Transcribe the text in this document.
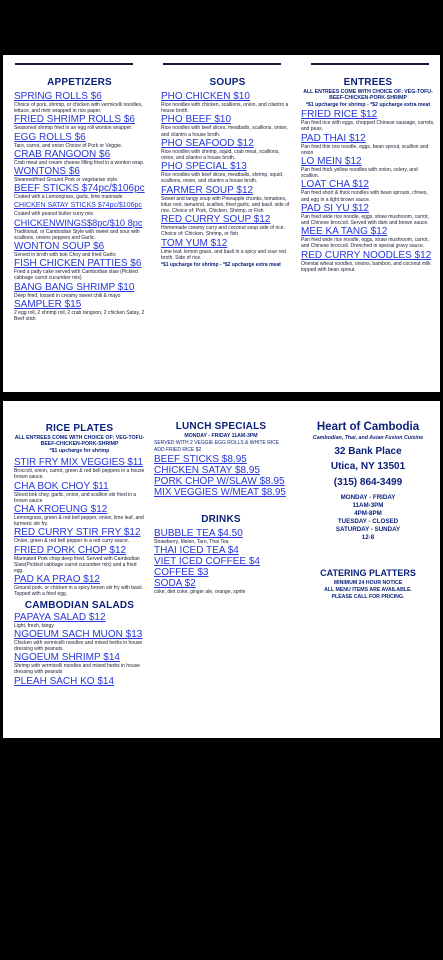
APPETIZERS
SPRING ROLLS $6
Choice of pork, shrimp, or chicken with vermicelli noodles, lettuce, and mint wrapped in rice paper.
FRIED SHRIMP ROLLS $6
Seasoned shrimp fried in an egg roll wonton wrapper.
EGG ROLLS $6
Taro, carrot, and onion Choice of Pork or Veggie.
CRAB RANGOON $6
Crab meat and cream cheese filling fried in a wonton wrap.
WONTONS $6
Steamed/fried Ground Pork or vegetarian style.
BEEF STICKS $74pc/$106pc
Coated with a Lemongrass, garlic, lime marinade
CHICKEN SATAY STICKS $74pc/$106pc
Coated with peanut butter curry mix.
CHICKENWINGS$8pc/$10 8pc
Traditional, or Cambodian Style with sweet and sour with scallions, onions peppers and Garlic.
WONTON SOUP $6
Served in broth with bok Choy and fried Garlic
FISH CHICKEN PATTIES $6
Fried a patty cake served with Cambodian slaw (Pickled cabbage carrot cucumber mix)
BANG BANG SHRIMP $10
Deep fried, tossed in creamy sweet chili & mayo
SAMPLER $15
2 egg roll, 2 shrimp roll, 2 crab rangoon, 2 chicken Satay, 2 Beef stick
SOUPS
PHO CHICKEN $10
Rice noodles with chicken, scallions, onion, and cilantro a house broth.
PHO BEEF $10
Rice noodles with beef slices, meatballs, scallions, onion, and cilantro a house broth.
PHO SEAFOOD $12
Rice noodles with shrimp, squid, crab meat, scallions, onion, and cilantro a house broth.
PHO SPECIAL $13
Rice noodles with beef slices, meatballs, shrimp, squid, scallions, onion, and cilantro a house broth.
FARMER SOUP $12
Sweet and tangy soup with Pineapple chunks, tomatoes, lotus root, tamarind, scallion, fried garlic, and basil. side of rice. Choice of: Pork, Chicken, Shrimp, or Fish
RED CURRY SOUP $12
Homemade creamy curry and coconut soup side of rice. Choice of: Chicken, Shrimp, or fish
TOM YUM $12
Lime leaf, lemon grass, and basil in a spicy and sour red broth. Side of rice.
*$1 upcharge for shrimp - *$2 upcharge extra meat
ENTREES
ALL ENTREES COME WITH CHOICE OF: VEG-TOFU-BEEF-CHICKEN-PORK-SHRIMP
*$1 upcharge for shrimp - *$2 upcharge extra meat
FRIED RICE $12
Pan fried rice with eggs, chopped Chinese sausage, carrots, and peas.
PAD THAI $12
Pan fried thin rice noodle, eggs, bean sprout, scallion and onion
LO MEIN $12
Pan fried thick yellow noodles with onion, celery, and scallion.
LOAT CHA $12
Pan fried short & thick noodles with bean sprouts, chives, and egg in a light brown sauce.
PAD SI YU $12
Pan fried wide rice noodle, eggs, straw mushroom, carrot, and Chinese broccoli. Served with dark and brown sauce.
MEE KA TANG $12
Pan fried wide rice noodle, eggs, straw mushroom, carrot, and Chinese broccoli. Drenched in special gravy sauce.
RED CURRY NOODLES $12
Oriental wheat noodles, onions, bamboo, and coconut milk topped with bean sprout.
RICE PLATES
ALL ENTREES COME WITH CHOICE OF: VEG-TOFU-BEEF-CHICKEN-PORK-SHRIMP
*$1 upcharge for shrimp
STIR FRY MIX VEGGIES $11
Broccoli, onion, carrot, green & red bell peppers in a house brown sauce.
CHA BOK CHOY $11
Sliced bok choy, garlic, onion, and scallion stir fried in a brown sauce
CHA KROEUNG $12
Lemongrass, green & red bell pepper, onion, lime leaf, and turmeric stir fry.
RED CURRY STIR FRY $12
Onion, green & red bell pepper in a red curry sauce.
FRIED PORK CHOP $12
Marinated Pork chop deep fried. Served with Cambodian Slaw(Pickled cabbage carrot cucumber mix) and a fried egg.
PAD KA PRAO $12
Ground pork, or chicken in a spicy brown stir fry with basil. Topped with a fried egg.
CAMBODIAN SALADS
PAPAYA SALAD $12
Light, fresh, tangy.
NGOEUM SACH MUON $13
Chicken with vermicelli noodles and mixed herbs in house dressing with peanuts
NGOEUM SHRIMP $14
Shrimp with vermicelli noodles and mixed herbs in house dressing with peanuts
PLEAH SACH KO $14
LUNCH SPECIALS
MONDAY - FRIDAY 11AM-3PM
SERVED WITH 2 VEGGIE EGG ROLLS & WHITE RICE ADD FRIED RICE $2
BEEF STICKS $8.95
CHICKEN SATAY $8.95
PORK CHOP W/SLAW $8.95
MIX VEGGIES W/MEAT $8.95
DRINKS
BUBBLE TEA $4.50
Strawberry, Melon, Taro, Thai Tea
THAI ICED TEA $4
VIET ICED COFFEE $4
COFFEE $3
SODA $2
coke, diet coke, ginger ale, orange, sprite
Heart of Cambodia
Cambodian, Thai, and Asian Fusion Cuisine
32 Bank Place
Utica, NY 13501
(315) 864-3499
MONDAY - FRIDAY
11AM-3PM
4PM-8PM
TUESDAY - CLOSED
SATURDAY - SUNDAY
12-8
CATERING PLATTERS
MINIMUM 24 HOUR NOTICE
ALL MENU ITEMS ARE AVAILABLE.
PLEASE CALL FOR PRICING.
